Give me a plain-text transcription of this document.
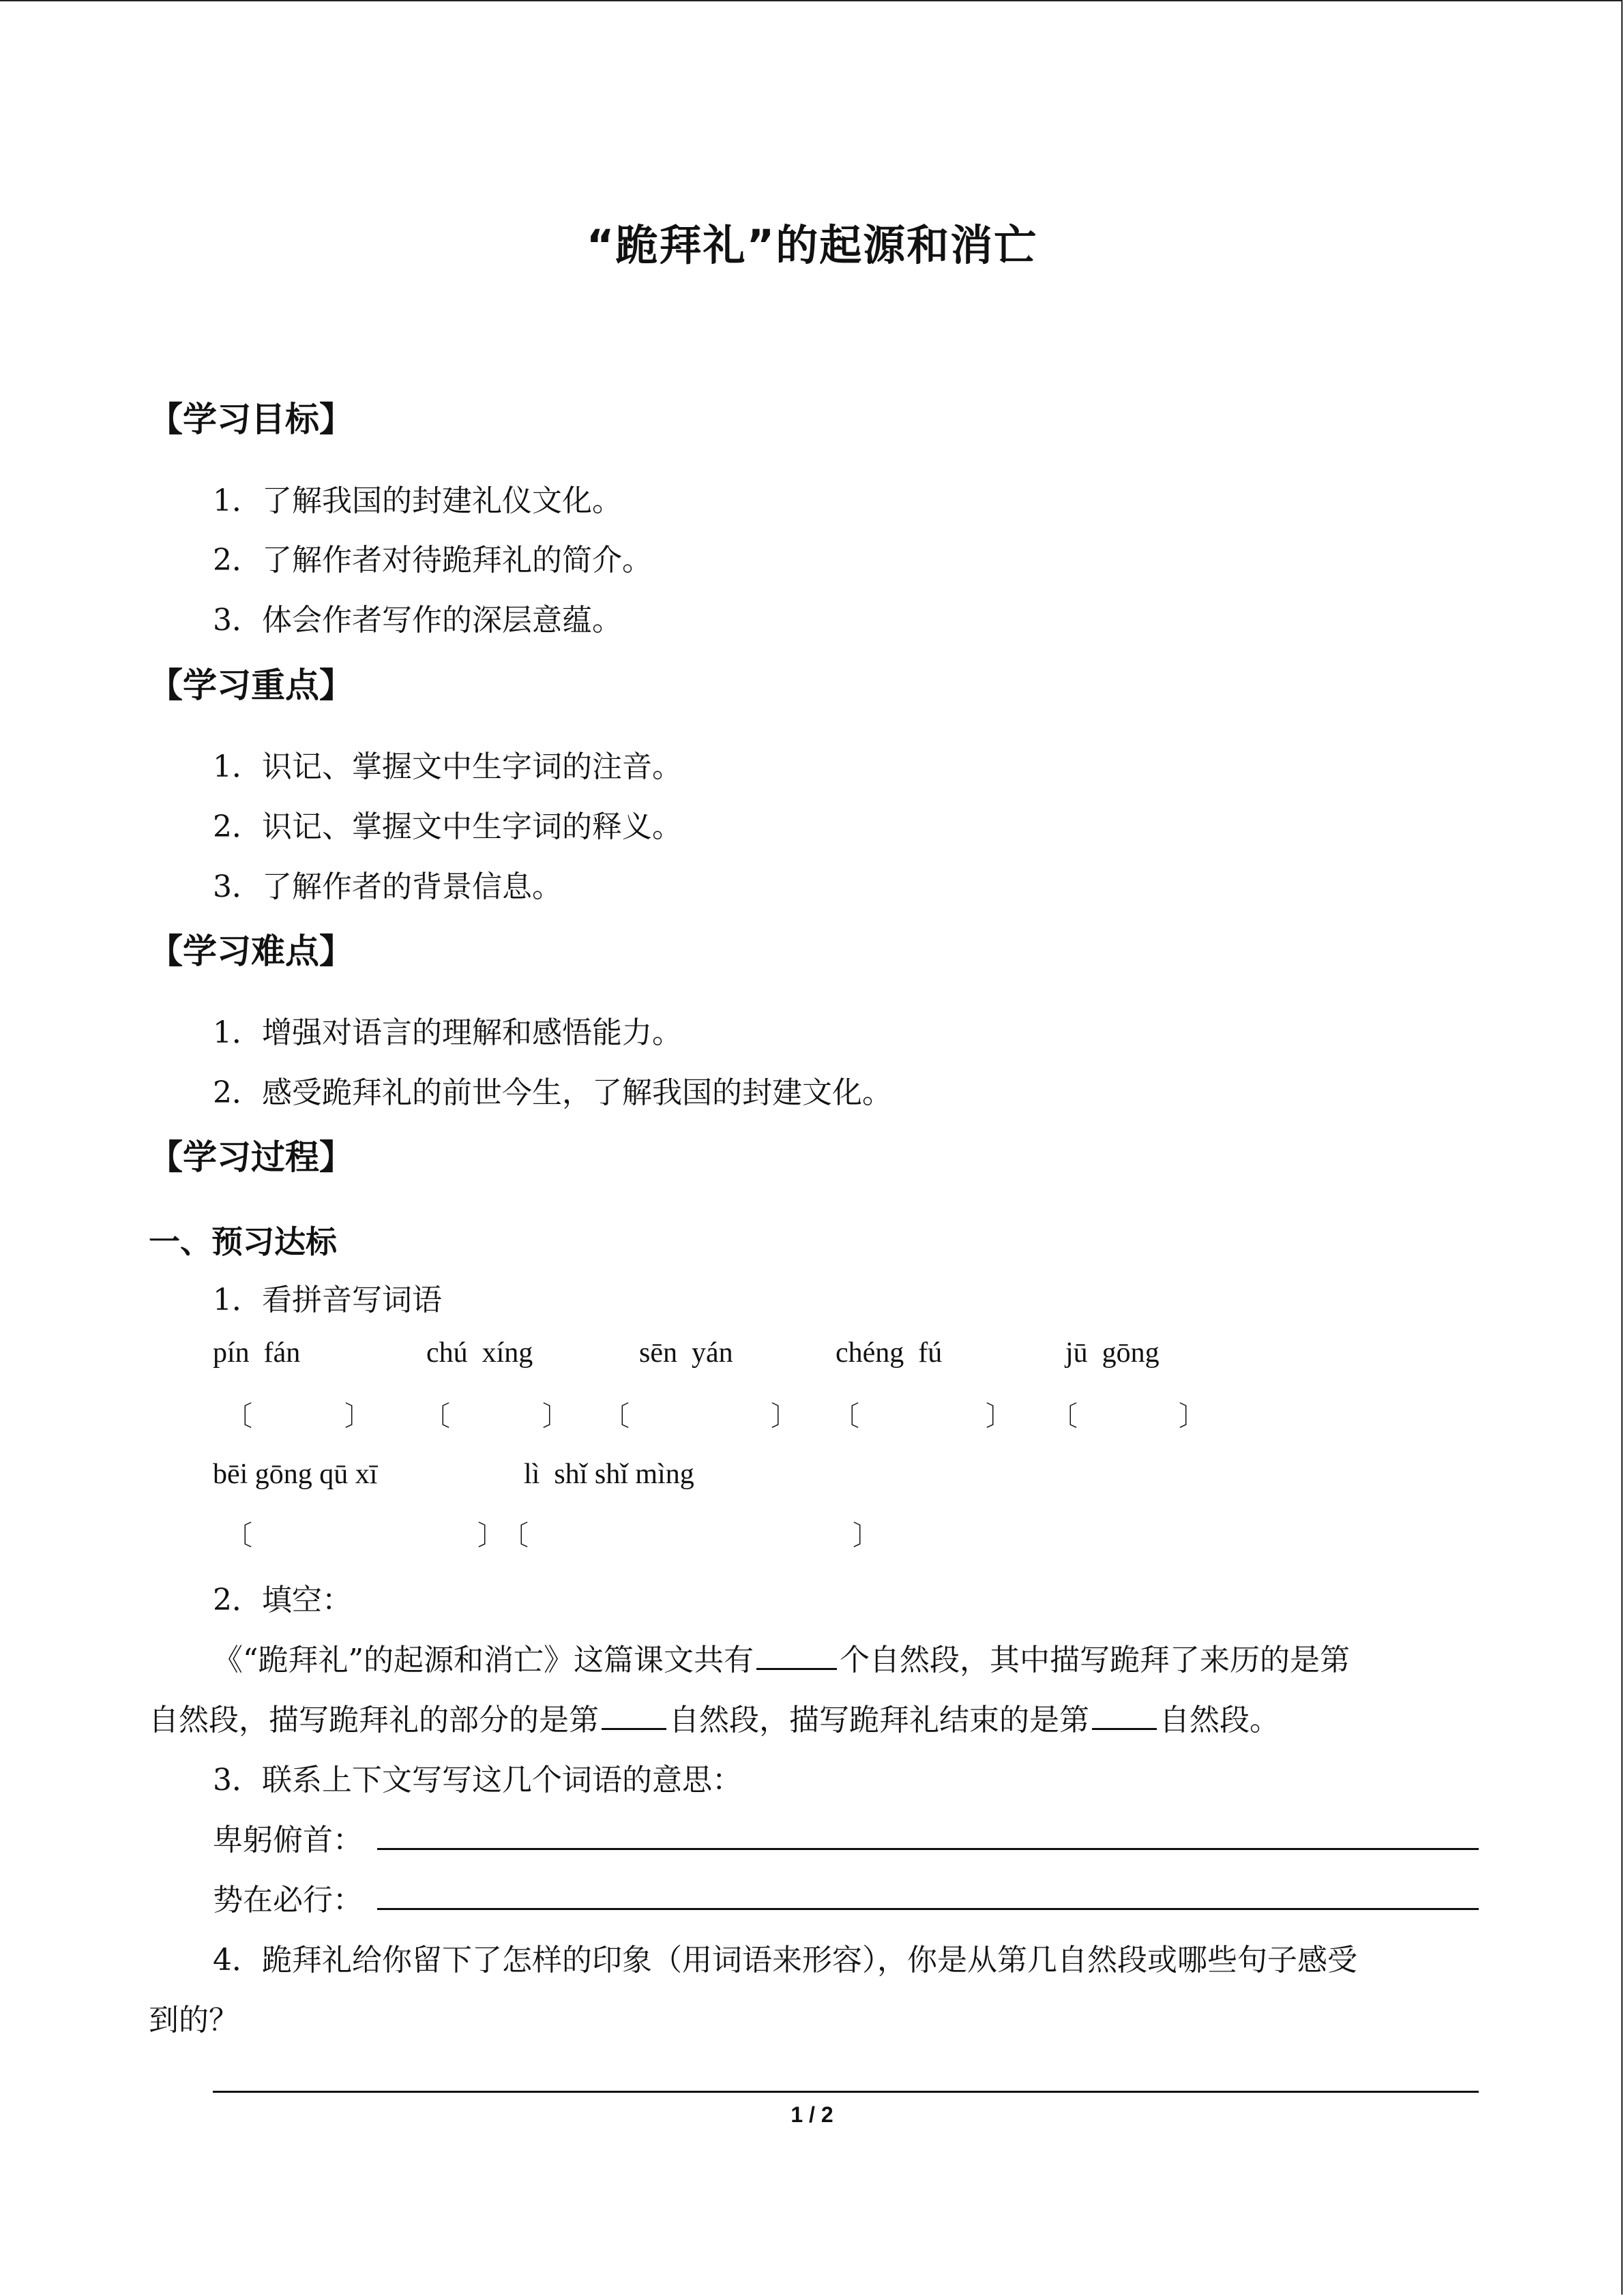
“跪拜礼”的起源和消亡
【学习目标】
1．了解我国的封建礼仪文化。
2．了解作者对待跪拜礼的简介。
3．体会作者写作的深层意蕴。
【学习重点】
1．识记、掌握文中生字词的注音。
2．识记、掌握文中生字词的释义。
3．了解作者的背景信息。
【学习难点】
1．增强对语言的理解和感悟能力。
2．感受跪拜礼的前世今生，了解我国的封建文化。
【学习过程】
一、预习达标
1．看拼音写词语
pín  fán	chú  xíng	sēn  yán	chéng  fú	jū  gōng
〔	〕 〔	〕 〔	〕 〔	〕 〔	〕
bēi gōng qū xī	lì  shǐ shǐ mìng
〔	〕
〔	〕
2．填空：
《“跪拜礼”的起源和消亡》这篇课文共有	个自然段，其中描写跪拜了来历的是第
自然段，描写跪拜礼的部分的是第 自然段，描写跪拜礼结束的是第 自然段。
3．联系上下文写写这几个词语的意思：
卑躬俯首：
势在必行：
4．跪拜礼给你留下了怎样的印象（用词语来形容），你是从第几自然段或哪些句子感受
到的？
1 / 2
